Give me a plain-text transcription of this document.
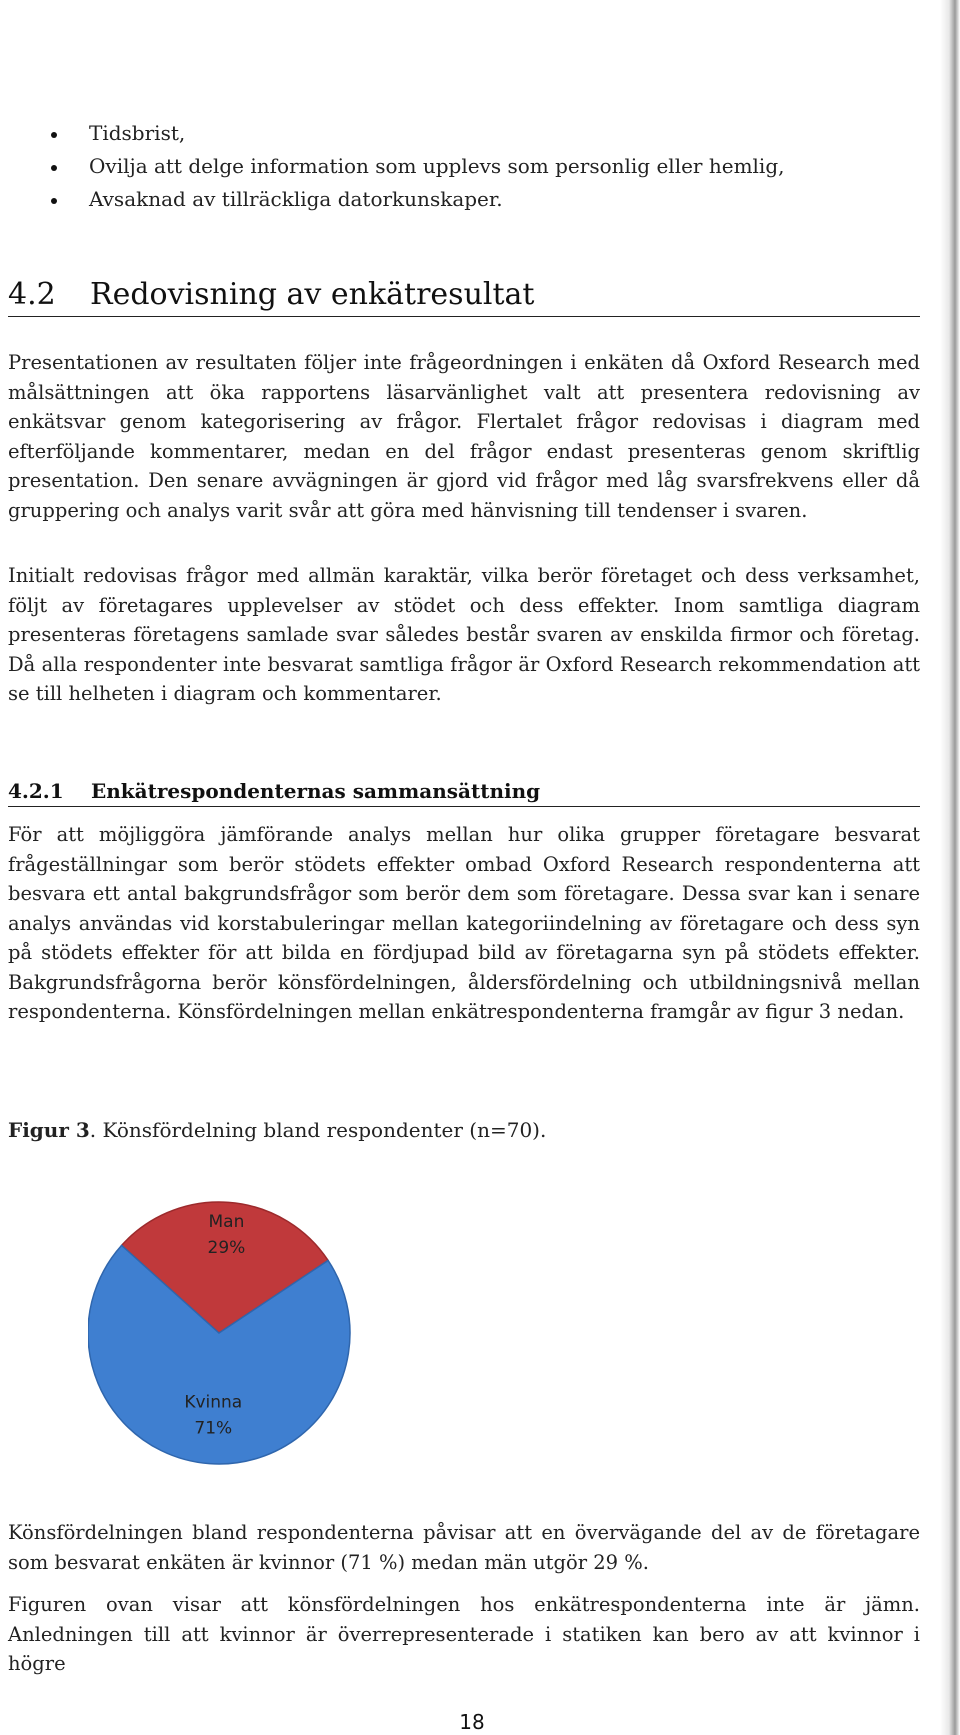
Tidsbrist,
Ovilja att delge information som upplevs som personlig eller hemlig,
Avsaknad av tillräckliga datorkunskaper.
4.2 Redovisning av enkätresultat

Presentationen av resultaten följer inte frågeordningen i enkäten då Oxford Research med målsättningen att öka rapportens läsarvänlighet valt att presentera redovisning av enkätsvar genom kategorisering av frågor. Flertalet frågor redovisas i diagram med efterföljande kommentarer, medan en del frågor endast presenteras genom skriftlig presentation. Den senare avvägningen är gjord vid frågor med låg svarsfrekvens eller då gruppering och analys varit svår att göra med hänvisning till tendenser i svaren.

Initialt redovisas frågor med allmän karaktär, vilka berör företaget och dess verksamhet, följt av företagares upplevelser av stödet och dess effekter. Inom samtliga diagram presenteras företagens samlade svar således består svaren av enskilda firmor och företag. Då alla respondenter inte besvarat samtliga frågor är Oxford Research rekommendation att se till helheten i diagram och kommentarer.

4.2.1 Enkätrespondenternas sammansättning

För att möjliggöra jämförande analys mellan hur olika grupper företagare besvarat frågeställningar som berör stödets effekter ombad Oxford Research respondenterna att besvara ett antal bakgrundsfrågor som berör dem som företagare. Dessa svar kan i senare analys användas vid korstabuleringar mellan kategoriindelning av företagare och dess syn på stödets effekter för att bilda en fördjupad bild av företagarna syn på stödets effekter. Bakgrundsfrågorna berör könsfördelningen, åldersfördelning och utbildningsnivå mellan respondenterna. Könsfördelningen mellan enkätrespondenterna framgår av figur 3 nedan.

Figur 3. Könsfördelning bland respondenter (n=70).
Man
29%
Kvinna
71%

Könsfördelningen bland respondenterna påvisar att en övervägande del av de företagare som besvarat enkäten är kvinnor (71 %) medan män utgör 29 %.

Figuren ovan visar att könsfördelningen hos enkätrespondenterna inte är jämn. Anledningen till att kvinnor är överrepresenterade i statiken kan bero av att kvinnor i högre

18
